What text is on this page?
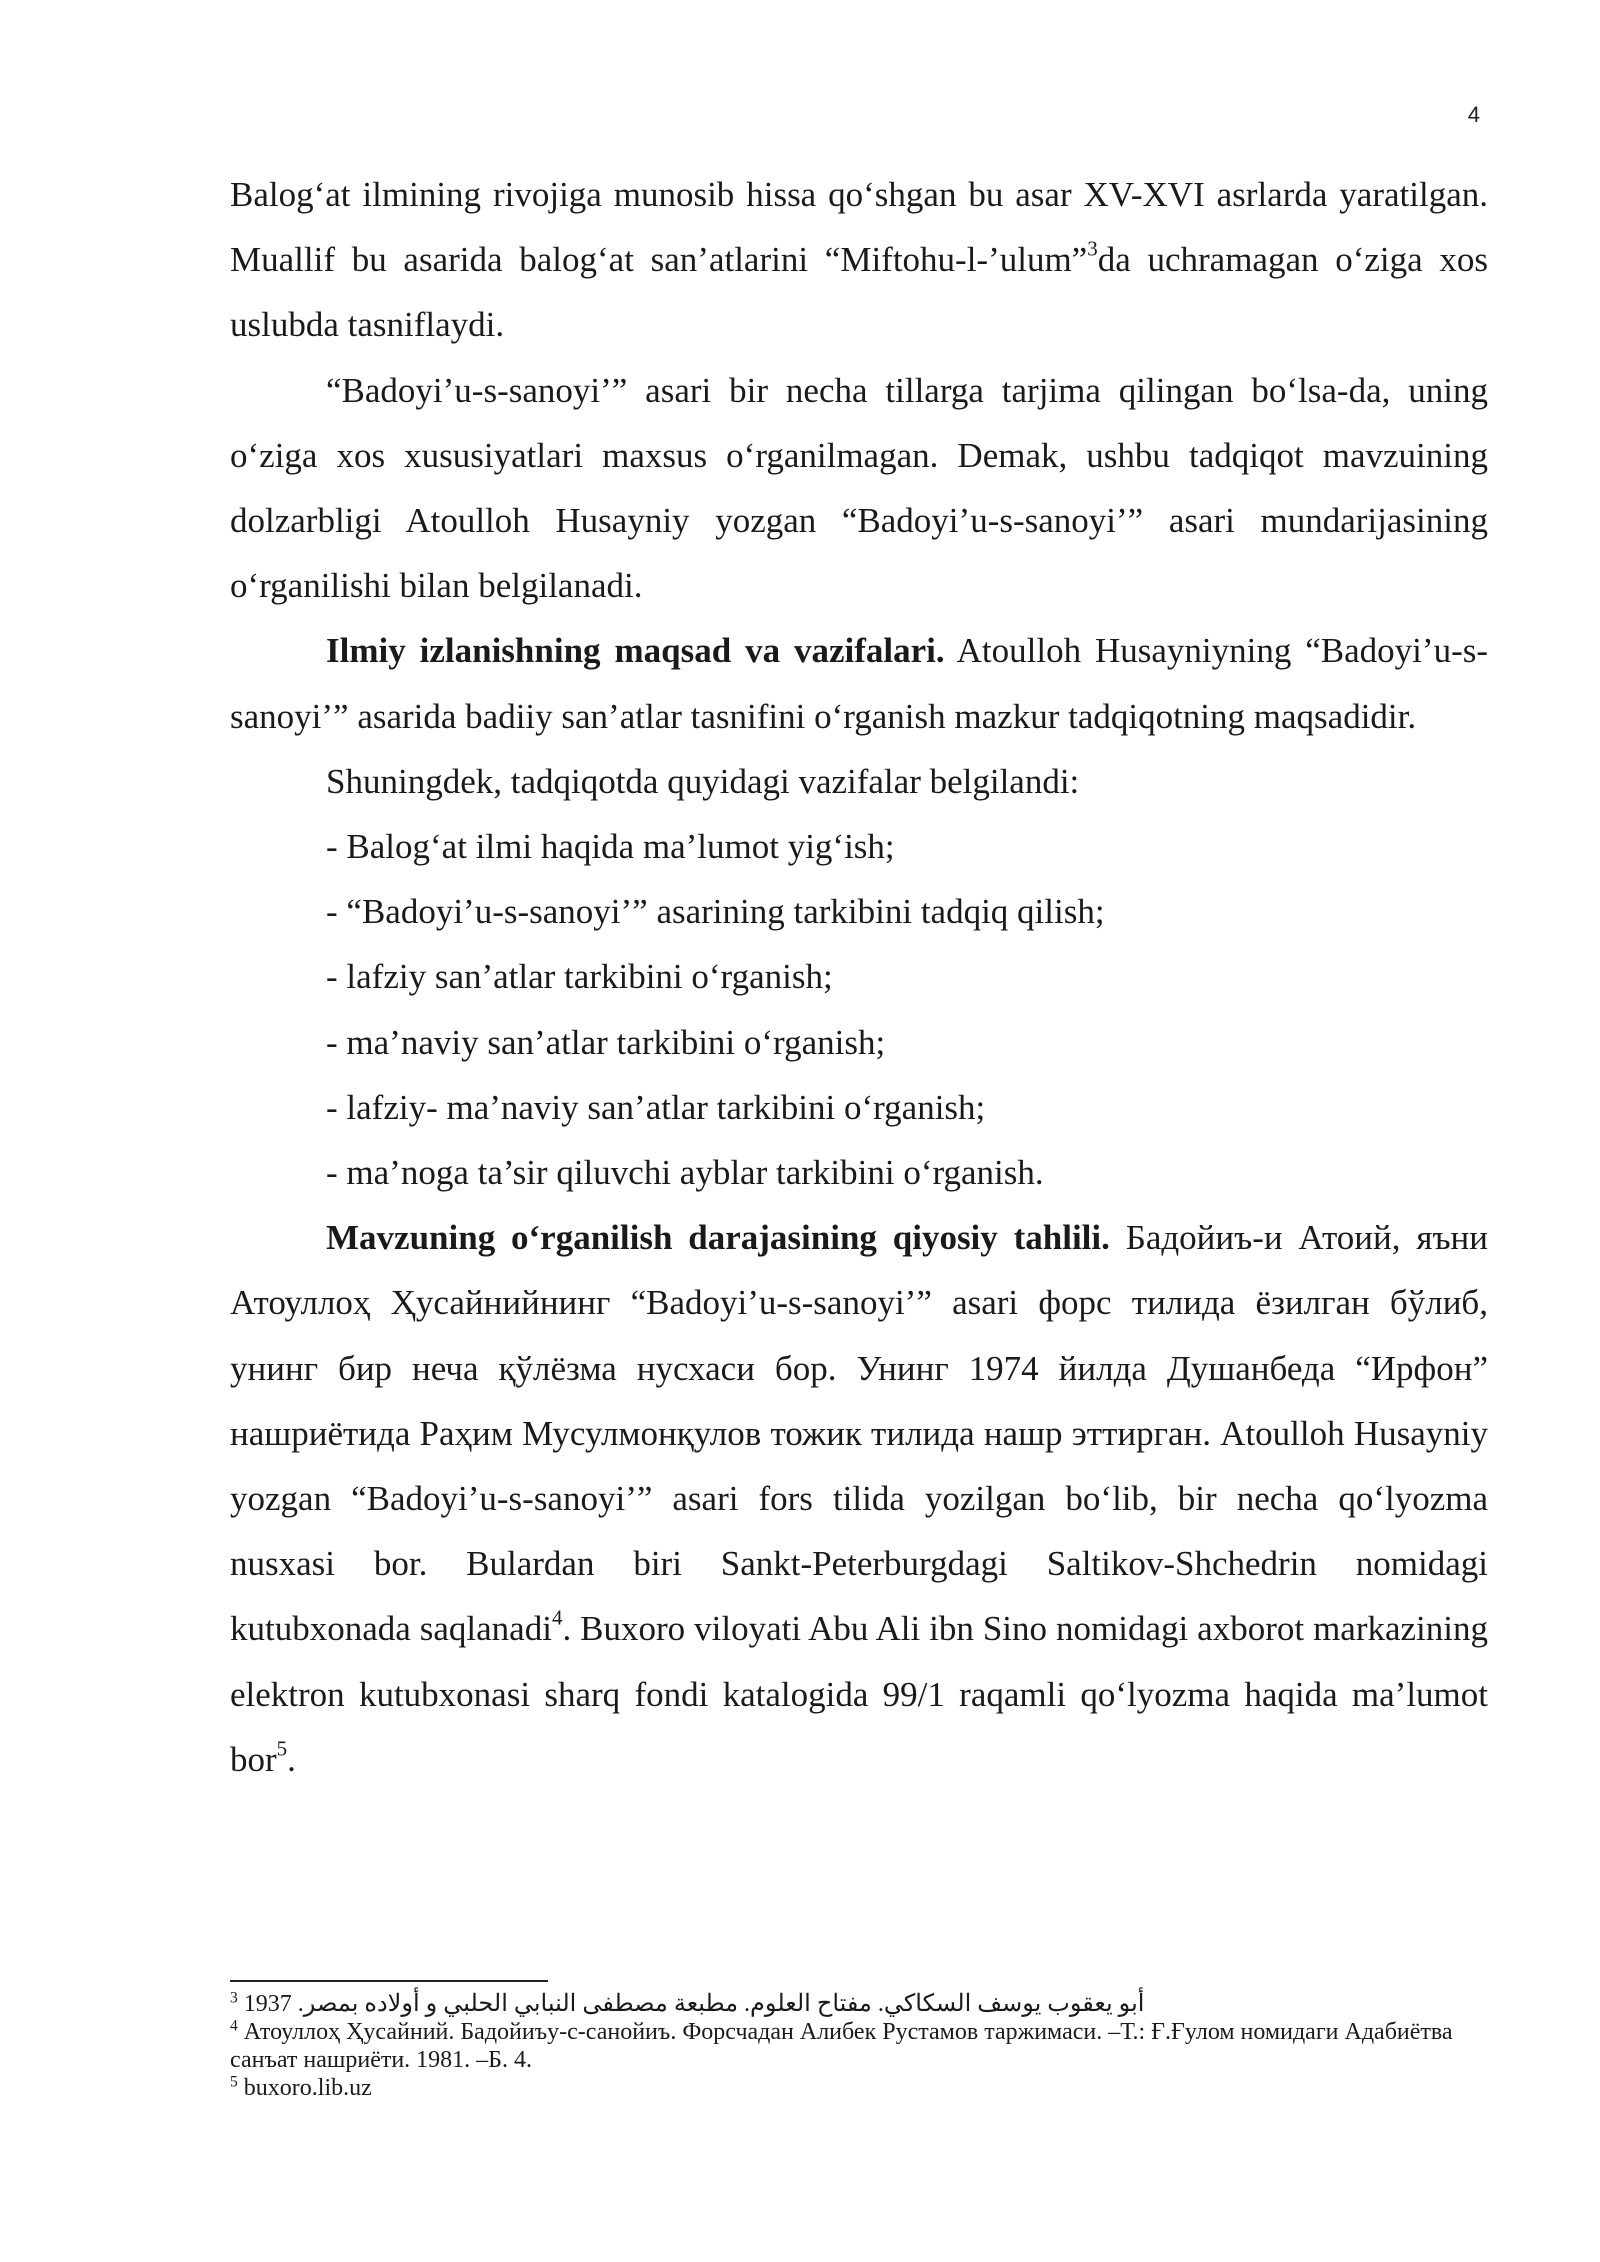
4

Balog‘at ilmining rivojiga munosib hissa qo‘shgan bu asar XV-XVI asrlarda yaratilgan. Muallif bu asarida balog‘at san’atlarini “Miftohu-l-’ulum”$^3$da uchramagan o‘ziga xos uslubda tasniflaydi.

“Badoyi’u-s-sanoyi’” asari bir necha tillarga tarjima qilingan bo‘lsa-da, uning o‘ziga xos xususiyatlari maxsus o‘rganilmagan. Demak, ushbu tadqiqot mavzuining dolzarbligi Atoulloh Husayniy yozgan “Badoyi’u-s-sanoyi’” asari mundarijasining o‘rganilishi bilan belgilanadi.

Ilmiy izlanishning maqsad va vazifalari. Atoulloh Husayniyning “Badoyi’u-s-sanoyi’” asarida badiiy san’atlar tasnifini o‘rganish mazkur tadqiqotning maqsadidir.

Shuningdek, tadqiqotda quyidagi vazifalar belgilandi:

- Balog‘at ilmi haqida ma’lumot yig‘ish;

- “Badoyi’u-s-sanoyi’” asarining tarkibini tadqiq qilish;

- lafziy san’atlar tarkibini o‘rganish;

- ma’naviy san’atlar tarkibini o‘rganish;

- lafziy- ma’naviy san’atlar tarkibini o‘rganish;

- ma’noga ta’sir qiluvchi ayblar tarkibini o‘rganish.

Mavzuning o‘rganilish darajasining qiyosiy tahlili. Бадойиъ-и Атоий, яъни Атоуллоҳ Ҳусайнийнинг “Badoyi’u-s-sanoyi’” asari форс тилида ёзилган бўлиб, унинг бир неча қўлёзма нусхаси бор. Унинг 1974 йилда Душанбеда “Ирфон” нашриётида Раҳим Мусулмонқулов тожик тилида нашр эттирган. Atoulloh Husayniy yozgan “Badoyi’u-s-sanoyi’” asari fors tilida yozilgan bo‘lib, bir necha qo‘lyozma nusxasi bor. Bulardan biri Sankt-Peterburgdagi Saltikov-Shchedrin nomidagi kutubxonada saqlanadi$^4$. Buxoro viloyati Abu Ali ibn Sino nomidagi axborot markazining elektron kutubxonasi sharq fondi katalogida 99/1 raqamli qo‘lyozma haqida ma’lumot bor$^5$.

$^3$ 1937 أبو يعقوب يوسف السكاكي. مفتاح العلوم. مطبعة مصطفى النبابي الحلبي و أولاده بمصر.

$^4$ Атоуллоҳ Ҳусайний. Бадойиъу-с-санойиъ. Форсчадан Алибек Рустамов таржимаси. –Т.: Ғ.Ғулом номидаги Адабиётва санъат нашриёти. 1981. –Б. 4.

$^5$ buxoro.lib.uz
